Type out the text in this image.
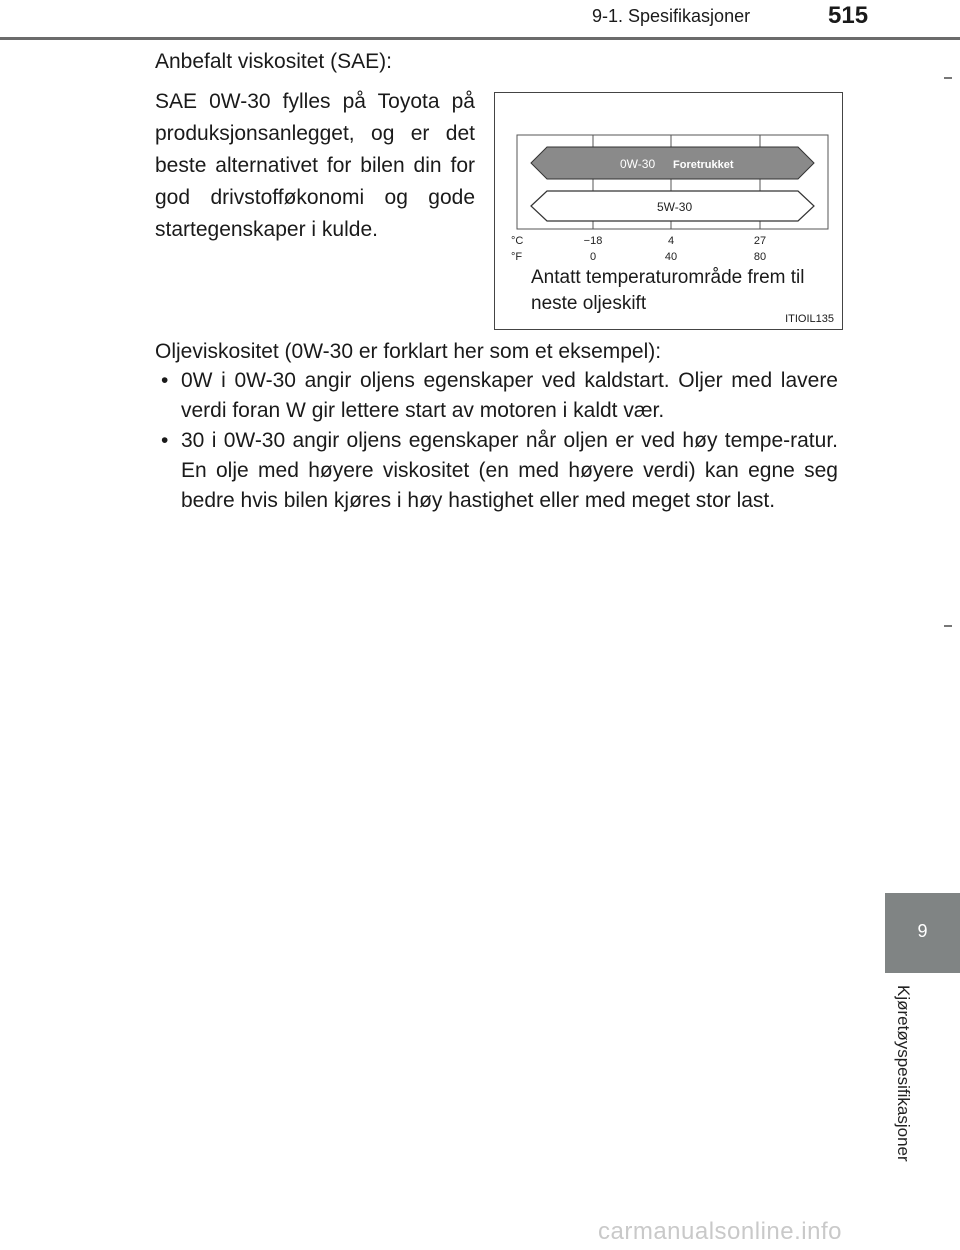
9-1. Spesifikasjoner	515
Anbefalt viskositet (SAE):
SAE 0W-30 fylles på Toyota på produksjonsanlegget, og er det beste alternativet for bilen din for god drivstofføkonomi og gode startegenskaper i kulde.
0W-30 Foretrukket
5W-30
°C
°F
−18	4	27
0	40	80
Antatt temperaturområde frem til neste oljeskift
ITIOIL135
Oljeviskositet (0W-30 er forklart her som et eksempel):
• 0W i 0W-30 angir oljens egenskaper ved kaldstart. Oljer med lavere verdi foran W gir lettere start av motoren i kaldt vær.
• 30 i 0W-30 angir oljens egenskaper når oljen er ved høy tempe-ratur. En olje med høyere viskositet (en med høyere verdi) kan egne seg bedre hvis bilen kjøres i høy hastighet eller med meget stor last.
9
Kjøretøyspesifikasjoner
carmanualsonline.info
